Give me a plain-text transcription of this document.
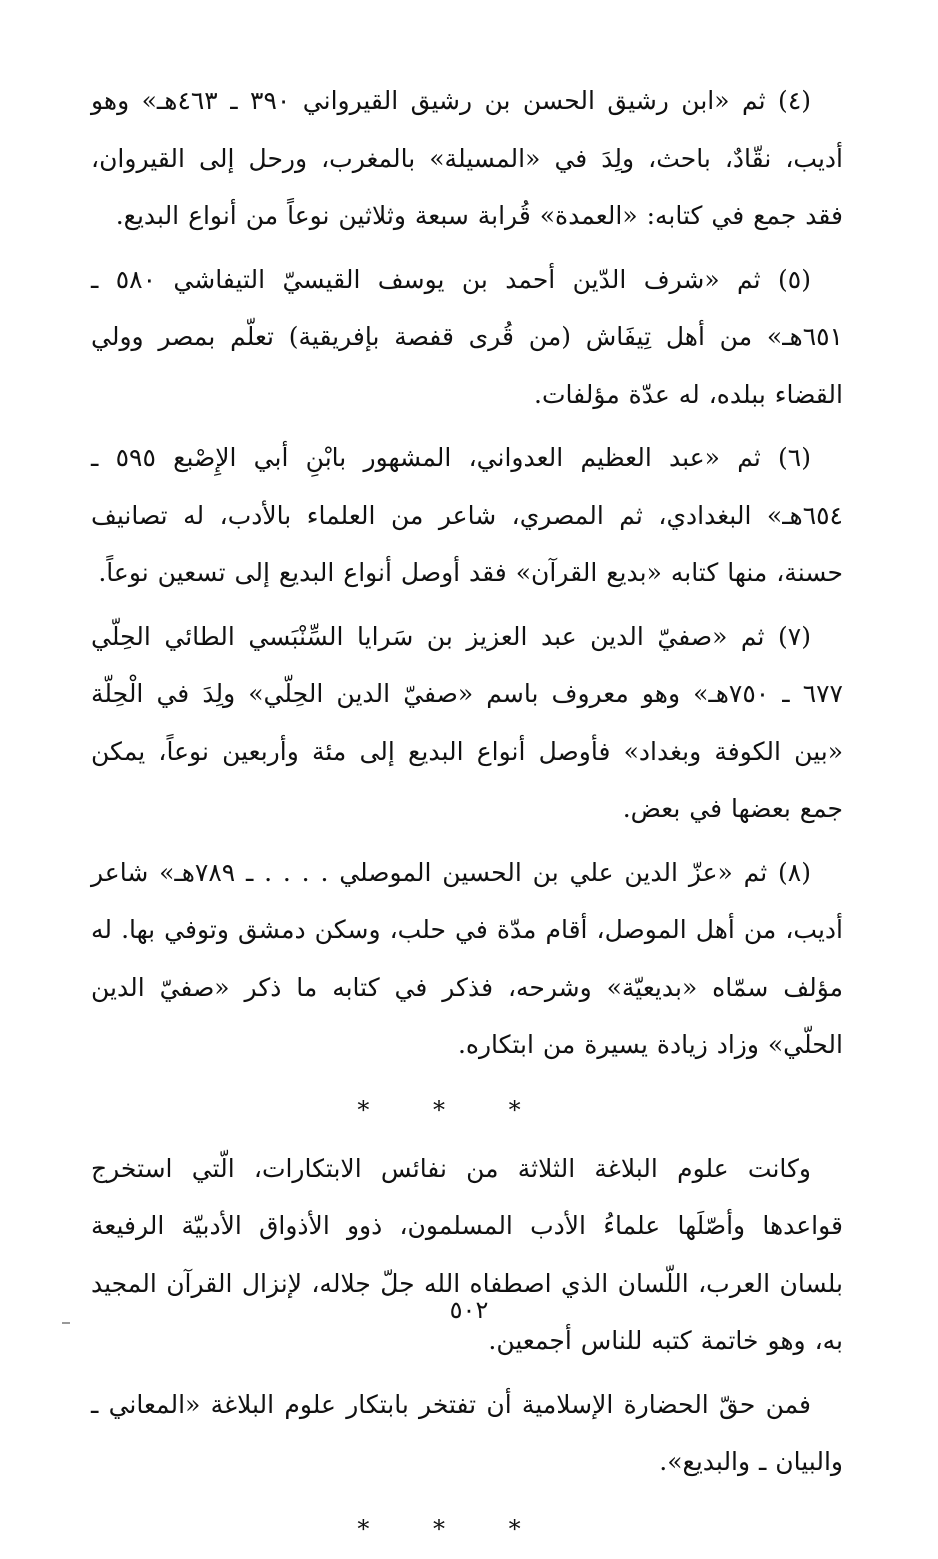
(٤) ثم «ابن رشيق الحسن بن رشيق القيرواني ٣٩٠ ـ ٤٦٣هـ» وهو أديب، نقّادٌ، باحث، ولِدَ في «المسيلة» بالمغرب، ورحل إلى القيروان، فقد جمع في كتابه: «العمدة» قُرابة سبعة وثلاثين نوعاً من أنواع البديع.

(٥) ثم «شرف الدّين أحمد بن يوسف القيسيّ التيفاشي ٥٨٠ ـ ٦٥١هـ» من أهل تِيفَاش (من قُرى قفصة بإفريقية) تعلّم بمصر وولي القضاء ببلده، له عدّة مؤلفات.

(٦) ثم «عبد العظيم العدواني، المشهور بابْنِ أبي الإِصْبع ٥٩٥ ـ ٦٥٤هـ» البغدادي، ثم المصري، شاعر من العلماء بالأدب، له تصانيف حسنة، منها كتابه «بديع القرآن» فقد أوصل أنواع البديع إلى تسعين نوعاً.

(٧) ثم «صفيّ الدين عبد العزيز بن سَرايا السِّنْبَسي الطائي الحِلّي ٦٧٧ ـ ٧٥٠هـ» وهو معروف باسم «صفيّ الدين الحِلّي» ولِدَ في الْحِلّة «بين الكوفة وبغداد» فأوصل أنواع البديع إلى مئة وأربعين نوعاً، يمكن جمع بعضها في بعض.

(٨) ثم «عزّ الدين علي بن الحسين الموصلي . . . . ـ ٧٨٩هـ» شاعر أديب، من أهل الموصل، أقام مدّة في حلب، وسكن دمشق وتوفي بها. له مؤلف سمّاه «بديعيّة» وشرحه، فذكر في كتابه ما ذكر «صفيّ الدين الحلّي» وزاد زيادة يسيرة من ابتكاره.

* * *

وكانت علوم البلاغة الثلاثة من نفائس الابتكارات، الّتي استخرج قواعدها وأصّلَها علماءُ الأدب المسلمون، ذوو الأذواق الأدبيّة الرفيعة بلسان العرب، اللّسان الذي اصطفاه الله جلّ جلاله، لإنزال القرآن المجيد به، وهو خاتمة كتبه للناس أجمعين.

فمن حقّ الحضارة الإسلامية أن تفتخر بابتكار علوم البلاغة «المعاني ـ والبيان ـ والبديع».

* * *
٥٠٢
